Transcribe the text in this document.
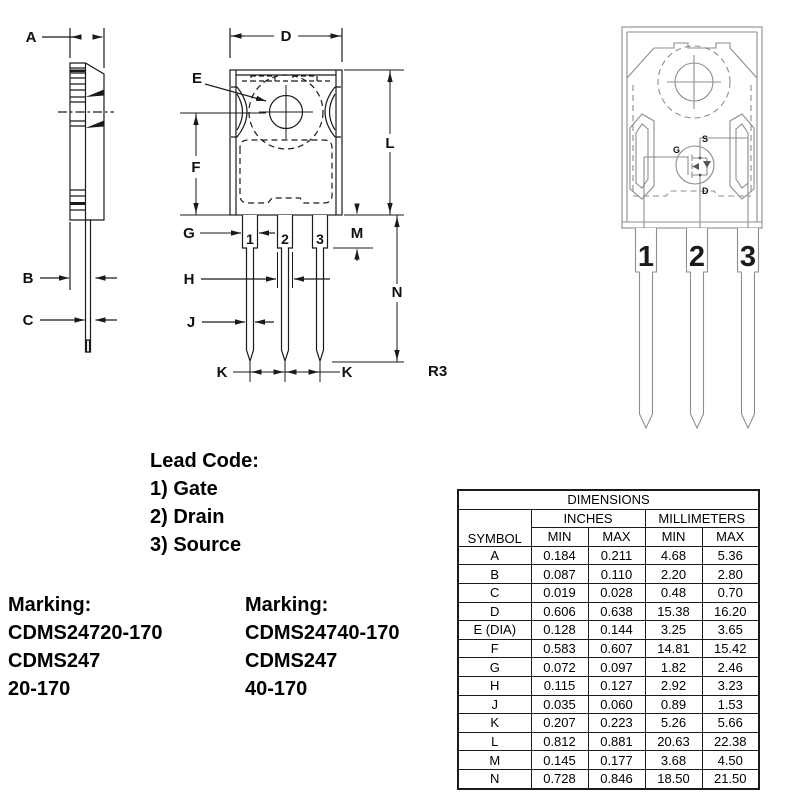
A
B
C
D
E
F
L
G
H
J
K	K
M
N
R3
1 2 3
G
S
D
1 2 3
Lead Code:
1) Gate
2) Drain
3) Source
Marking:
CDMS24720-170
CDMS247
20-170
Marking:
CDMS24740-170
CDMS247
40-170
DIMENSIONS				
SYMBOL	INCHES		MILLIMETERS	
	MIN	MAX	MIN	MAX
A	0.184	0.211	4.68	5.36
B	0.087	0.110	2.20	2.80
C	0.019	0.028	0.48	0.70
D	0.606	0.638	15.38	16.20
E (DIA)	0.128	0.144	3.25	3.65
F	0.583	0.607	14.81	15.42
G	0.072	0.097	1.82	2.46
H	0.115	0.127	2.92	3.23
J	0.035	0.060	0.89	1.53
K	0.207	0.223	5.26	5.66
L	0.812	0.881	20.63	22.38
M	0.145	0.177	3.68	4.50
N	0.728	0.846	18.50	21.50
